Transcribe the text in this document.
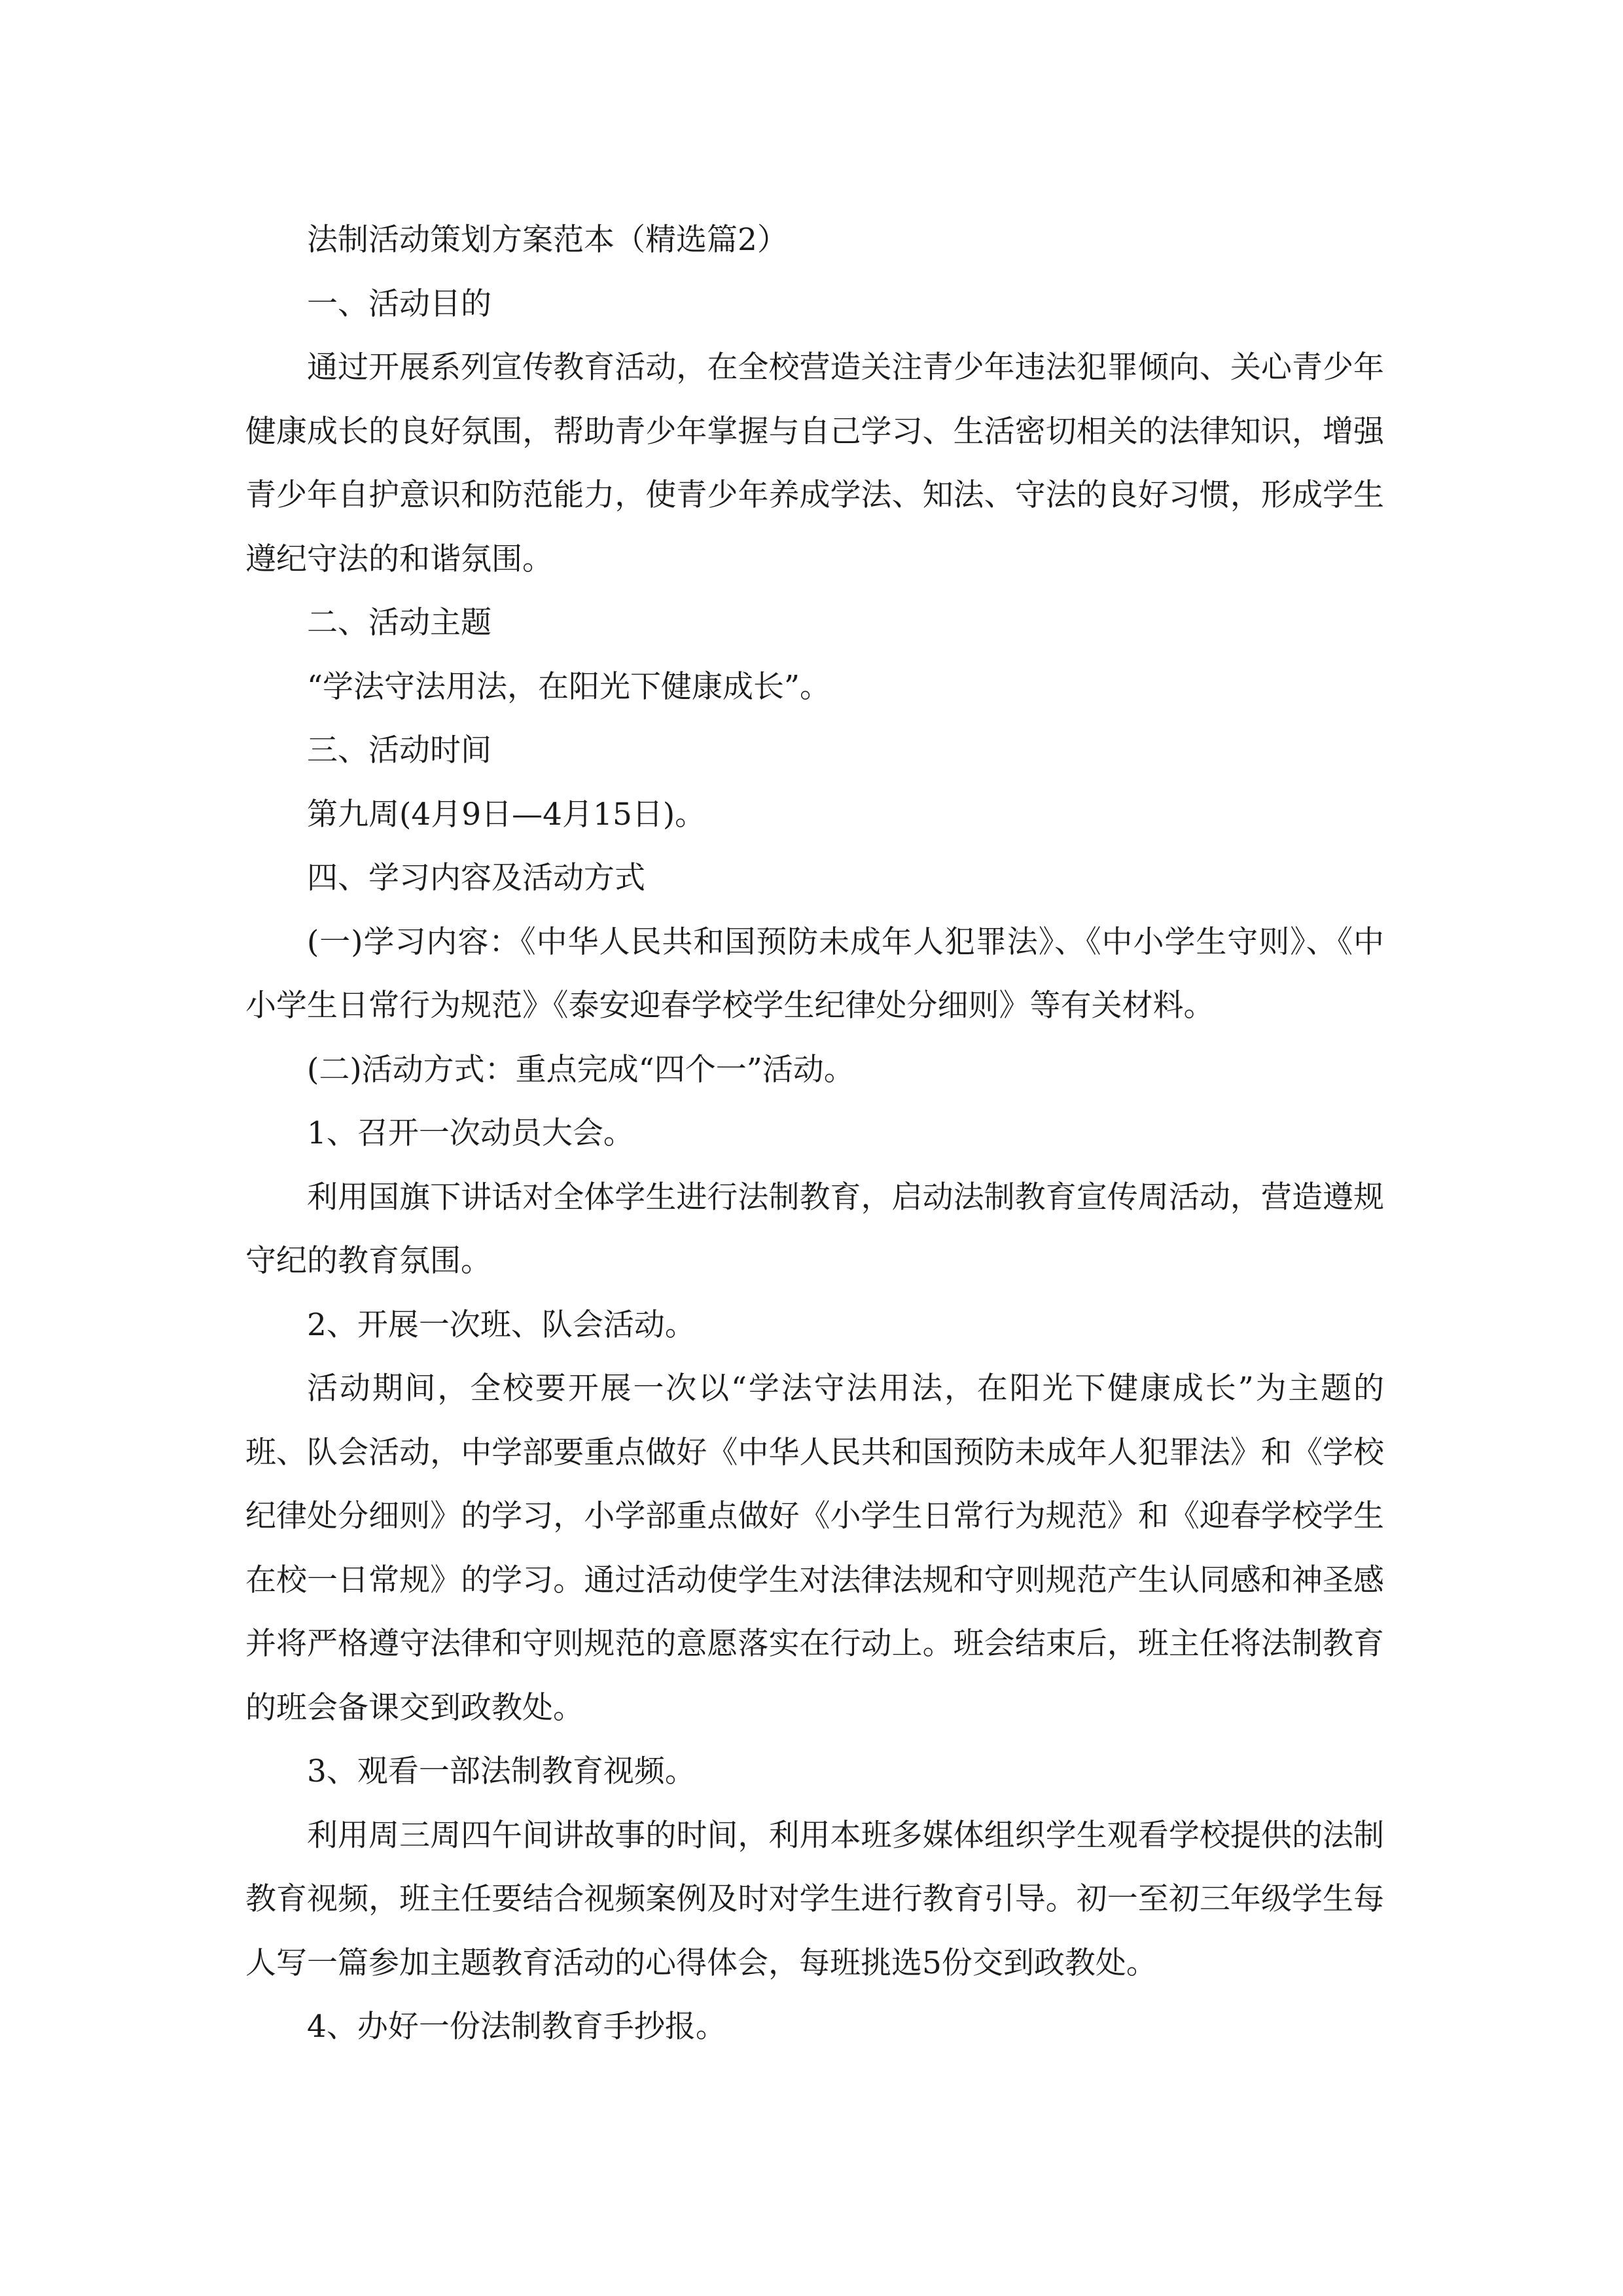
法制活动策划方案范本（精选篇2）

一、活动目的

通过开展系列宣传教育活动，在全校营造关注青少年违法犯罪倾向、关心青少年健康成长的良好氛围，帮助青少年掌握与自己学习、生活密切相关的法律知识，增强青少年自护意识和防范能力，使青少年养成学法、知法、守法的良好习惯，形成学生遵纪守法的和谐氛围。

二、活动主题

“学法守法用法，在阳光下健康成长”。

三、活动时间

第九周(4月9日—4月15日)。

四、学习内容及活动方式

(一)学习内容：《中华人民共和国预防未成年人犯罪法》、《中小学生守则》、《中小学生日常行为规范》《泰安迎春学校学生纪律处分细则》等有关材料。

(二)活动方式：重点完成“四个一”活动。

1、召开一次动员大会。

利用国旗下讲话对全体学生进行法制教育，启动法制教育宣传周活动，营造遵规守纪的教育氛围。

2、开展一次班、队会活动。

活动期间，全校要开展一次以“学法守法用法，在阳光下健康成长”为主题的班、队会活动，中学部要重点做好《中华人民共和国预防未成年人犯罪法》和《学校纪律处分细则》的学习，小学部重点做好《小学生日常行为规范》和《迎春学校学生在校一日常规》的学习。通过活动使学生对法律法规和守则规范产生认同感和神圣感并将严格遵守法律和守则规范的意愿落实在行动上。班会结束后，班主任将法制教育的班会备课交到政教处。

3、观看一部法制教育视频。

利用周三周四午间讲故事的时间，利用本班多媒体组织学生观看学校提供的法制教育视频，班主任要结合视频案例及时对学生进行教育引导。初一至初三年级学生每人写一篇参加主题教育活动的心得体会，每班挑选5份交到政教处。

4、办好一份法制教育手抄报。
